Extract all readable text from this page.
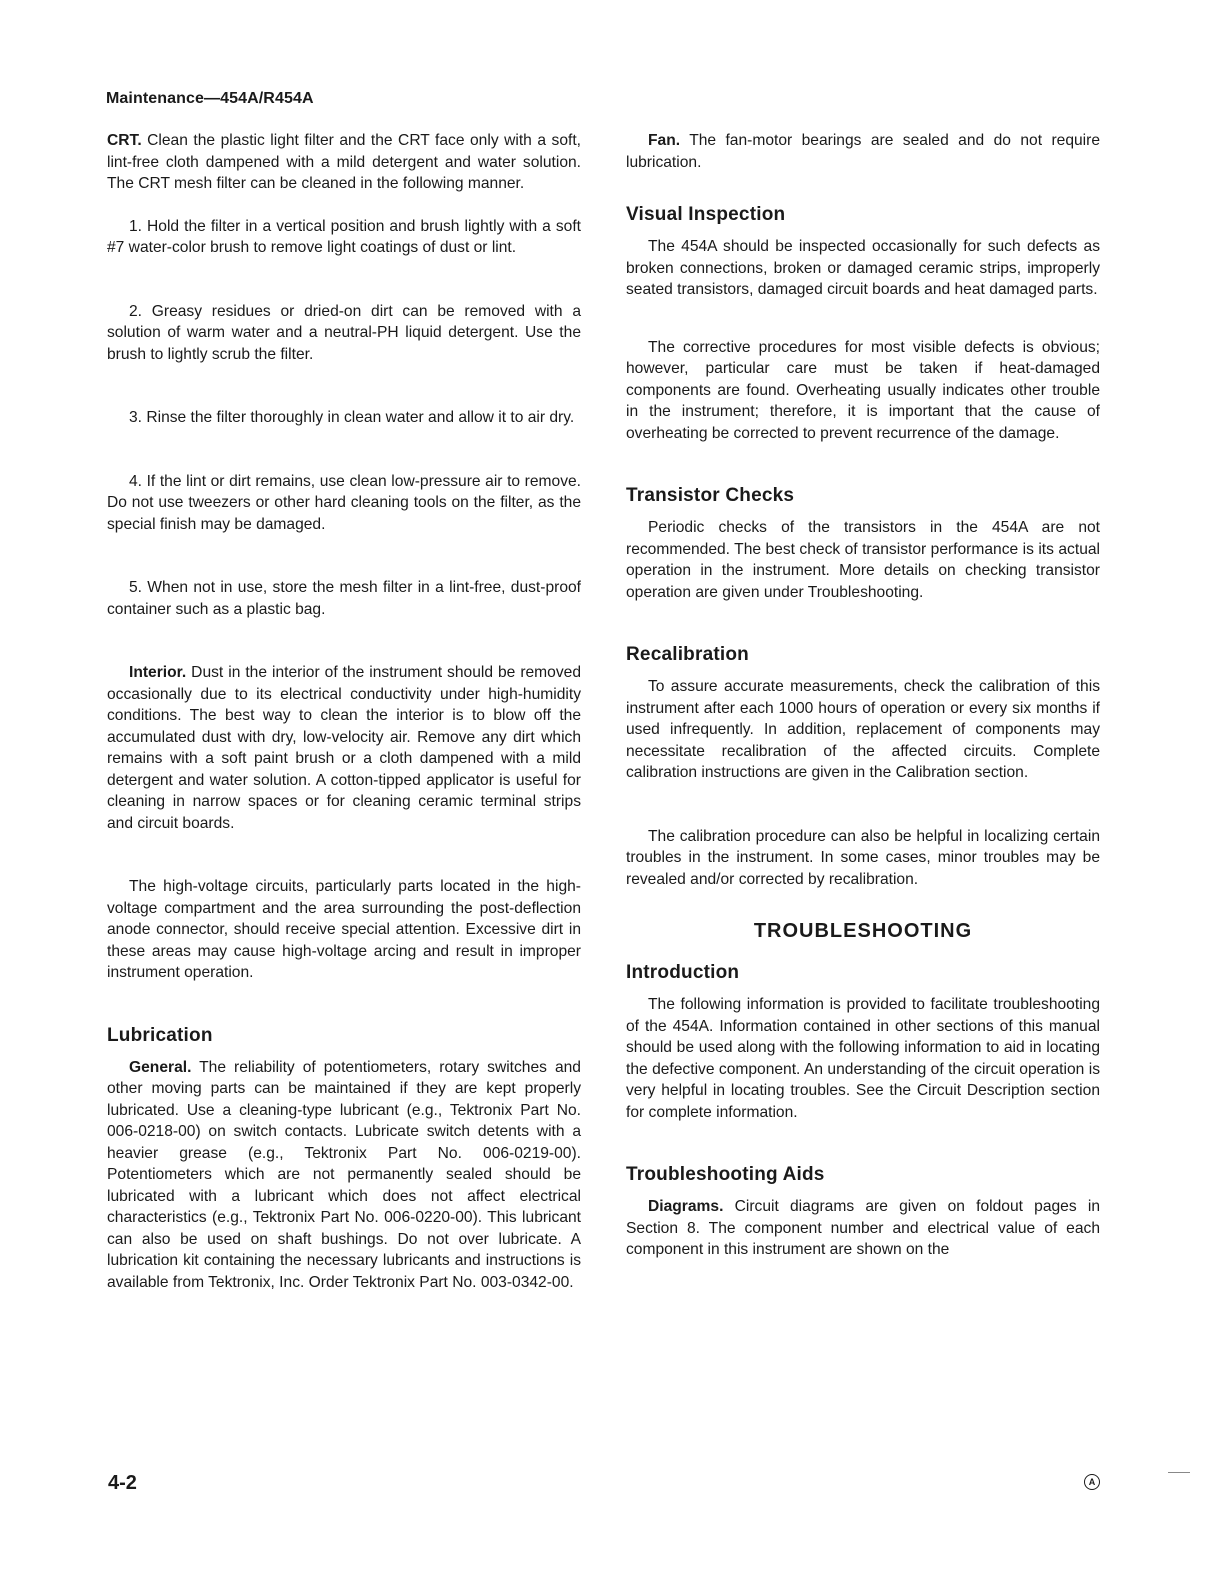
Maintenance—454A/R454A

CRT. Clean the plastic light filter and the CRT face only with a soft, lint-free cloth dampened with a mild detergent and water solution. The CRT mesh filter can be cleaned in the following manner.

1. Hold the filter in a vertical position and brush lightly with a soft #7 water-color brush to remove light coatings of dust or lint.

2. Greasy residues or dried-on dirt can be removed with a solution of warm water and a neutral-PH liquid detergent. Use the brush to lightly scrub the filter.

3. Rinse the filter thoroughly in clean water and allow it to air dry.

4. If the lint or dirt remains, use clean low-pressure air to remove. Do not use tweezers or other hard cleaning tools on the filter, as the special finish may be damaged.

5. When not in use, store the mesh filter in a lint-free, dust-proof container such as a plastic bag.

Interior. Dust in the interior of the instrument should be removed occasionally due to its electrical conductivity under high-humidity conditions. The best way to clean the interior is to blow off the accumulated dust with dry, low-velocity air. Remove any dirt which remains with a soft paint brush or a cloth dampened with a mild detergent and water solution. A cotton-tipped applicator is useful for cleaning in narrow spaces or for cleaning ceramic terminal strips and circuit boards.

The high-voltage circuits, particularly parts located in the high-voltage compartment and the area surrounding the post-deflection anode connector, should receive special attention. Excessive dirt in these areas may cause high-voltage arcing and result in improper instrument operation.

Lubrication

General. The reliability of potentiometers, rotary switches and other moving parts can be maintained if they are kept properly lubricated. Use a cleaning-type lubricant (e.g., Tektronix Part No. 006-0218-00) on switch contacts. Lubricate switch detents with a heavier grease (e.g., Tektronix Part No. 006-0219-00). Potentiometers which are not permanently sealed should be lubricated with a lubricant which does not affect electrical characteristics (e.g., Tektronix Part No. 006-0220-00). This lubricant can also be used on shaft bushings. Do not over lubricate. A lubrication kit containing the necessary lubricants and instructions is available from Tektronix, Inc. Order Tektronix Part No. 003-0342-00.

Fan. The fan-motor bearings are sealed and do not require lubrication.

Visual Inspection

The 454A should be inspected occasionally for such defects as broken connections, broken or damaged ceramic strips, improperly seated transistors, damaged circuit boards and heat damaged parts.

The corrective procedures for most visible defects is obvious; however, particular care must be taken if heat-damaged components are found. Overheating usually indicates other trouble in the instrument; therefore, it is important that the cause of overheating be corrected to prevent recurrence of the damage.

Transistor Checks

Periodic checks of the transistors in the 454A are not recommended. The best check of transistor performance is its actual operation in the instrument. More details on checking transistor operation are given under Troubleshooting.

Recalibration

To assure accurate measurements, check the calibration of this instrument after each 1000 hours of operation or every six months if used infrequently. In addition, replacement of components may necessitate recalibration of the affected circuits. Complete calibration instructions are given in the Calibration section.

The calibration procedure can also be helpful in localizing certain troubles in the instrument. In some cases, minor troubles may be revealed and/or corrected by recalibration.

TROUBLESHOOTING
Introduction

The following information is provided to facilitate troubleshooting of the 454A. Information contained in other sections of this manual should be used along with the following information to aid in locating the defective component. An understanding of the circuit operation is very helpful in locating troubles. See the Circuit Description section for complete information.

Troubleshooting Aids

Diagrams. Circuit diagrams are given on foldout pages in Section 8. The component number and electrical value of each component in this instrument are shown on the

4-2	A
